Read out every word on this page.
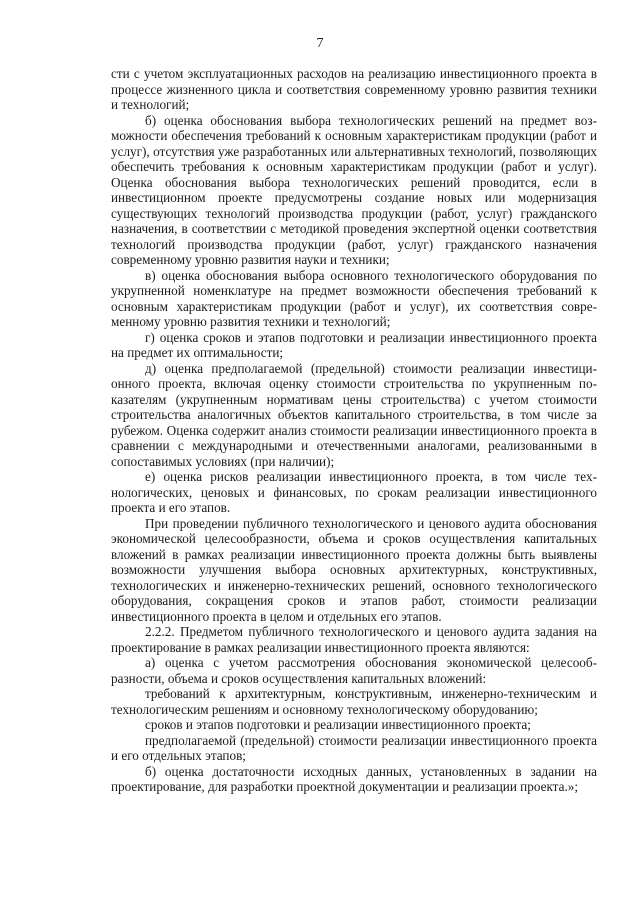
7

сти с учетом эксплуатационных расходов на реализацию инвестиционного проекта в процессе жизненного цикла и соответствия современному уровню развития техники и технологий;

б) оценка обоснования выбора технологических решений на предмет возможности обеспечения требований к основным характеристикам продукции (работ и услуг), отсутствия уже разработанных или альтернативных технологий, позволяющих обеспечить требования к основным характеристикам продукции (работ и услуг). Оценка обоснования выбора технологических решений проводится, если в инвестиционном проекте предусмотрены создание новых или модернизация существующих технологий производства продукции (работ, услуг) гражданского назначения, в соответствии с методикой проведения экспертной оценки соответствия технологий производства продукции (работ, услуг) гражданского назначения современному уровню развития науки и техники;

в) оценка обоснования выбора основного технологического оборудования по укрупненной номенклатуре на предмет возможности обеспечения требований к основным характеристикам продукции (работ и услуг), их соответствия современному уровню развития техники и технологий;

г) оценка сроков и этапов подготовки и реализации инвестиционного проекта на предмет их оптимальности;

д) оценка предполагаемой (предельной) стоимости реализации инвестиционного проекта, включая оценку стоимости строительства по укрупненным показателям (укрупненным нормативам цены строительства) с учетом стоимости строительства аналогичных объектов капитального строительства, в том числе за рубежом. Оценка содержит анализ стоимости реализации инвестиционного проекта в сравнении с международными и отечественными аналогами, реализованными в сопоставимых условиях (при наличии);

е) оценка рисков реализации инвестиционного проекта, в том числе технологических, ценовых и финансовых, по срокам реализации инвестиционного проекта и его этапов.

При проведении публичного технологического и ценового аудита обоснования экономической целесообразности, объема и сроков осуществления капитальных вложений в рамках реализации инвестиционного проекта должны быть выявлены возможности улучшения выбора основных архитектурных, конструктивных, технологических и инженерно-технических решений, основного технологического оборудования, сокращения сроков и этапов работ, стоимости реализации инвестиционного проекта в целом и отдельных его этапов.

2.2.2. Предметом публичного технологического и ценового аудита задания на проектирование в рамках реализации инвестиционного проекта являются:

а) оценка с учетом рассмотрения обоснования экономической целесообразности, объема и сроков осуществления капитальных вложений:

требований к архитектурным, конструктивным, инженерно-техническим и технологическим решениям и основному технологическому оборудованию;

сроков и этапов подготовки и реализации инвестиционного проекта;

предполагаемой (предельной) стоимости реализации инвестиционного проекта и его отдельных этапов;

б) оценка достаточности исходных данных, установленных в задании на проектирование, для разработки проектной документации и реализации проекта.»;
